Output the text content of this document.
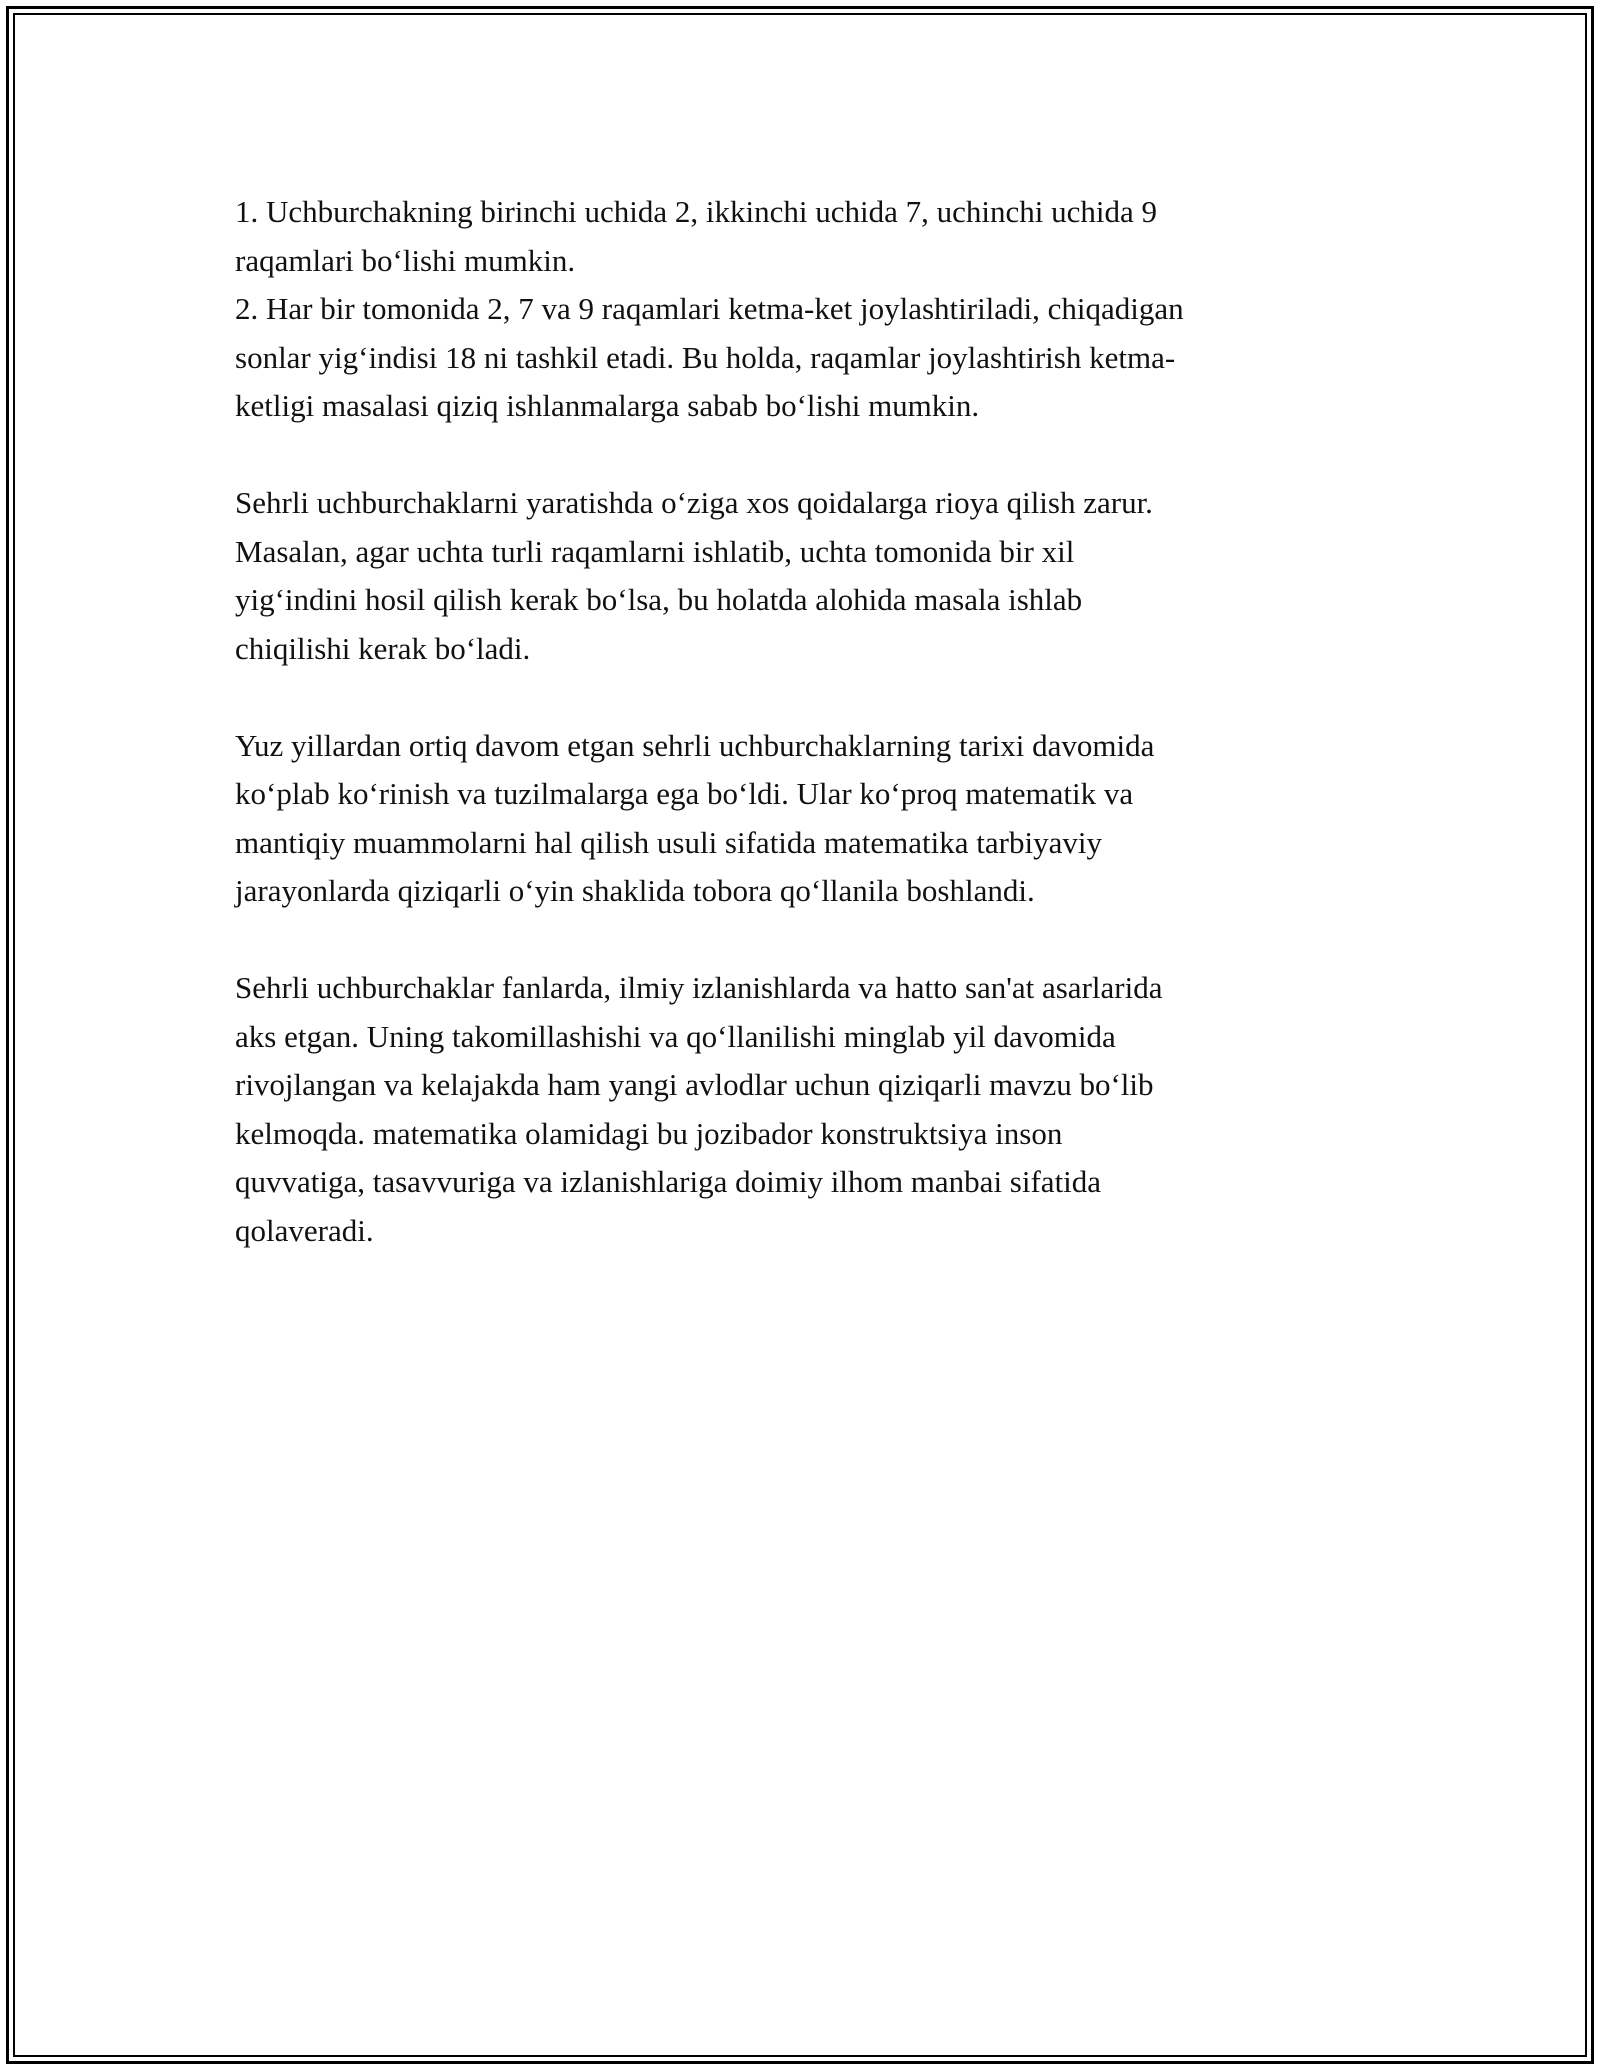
1. Uchburchakning birinchi uchida 2, ikkinchi uchida 7, uchinchi uchida 9
raqamlari bo‘lishi mumkin.
2. Har bir tomonida 2, 7 va 9 raqamlari ketma-ket joylashtiriladi, chiqadigan
sonlar yig‘indisi 18 ni tashkil etadi. Bu holda, raqamlar joylashtirish ketma-
ketligi masalasi qiziq ishlanmalarga sabab bo‘lishi mumkin.
Sehrli uchburchaklarni yaratishda o‘ziga xos qoidalarga rioya qilish zarur.
Masalan, agar uchta turli raqamlarni ishlatib, uchta tomonida bir xil
yig‘indini hosil qilish kerak bo‘lsa, bu holatda alohida masala ishlab
chiqilishi kerak bo‘ladi.
Yuz yillardan ortiq davom etgan sehrli uchburchaklarning tarixi davomida
ko‘plab ko‘rinish va tuzilmalarga ega bo‘ldi. Ular ko‘proq matematik va
mantiqiy muammolarni hal qilish usuli sifatida matematika tarbiyaviy
jarayonlarda qiziqarli o‘yin shaklida tobora qo‘llanila boshlandi.
Sehrli uchburchaklar fanlarda, ilmiy izlanishlarda va hatto san'at asarlarida
aks etgan. Uning takomillashishi va qo‘llanilishi minglab yil davomida
rivojlangan va kelajakda ham yangi avlodlar uchun qiziqarli mavzu bo‘lib
kelmoqda. matematika olamidagi bu jozibador konstruktsiya inson
quvvatiga, tasavvuriga va izlanishlariga doimiy ilhom manbai sifatida
qolaveradi.
